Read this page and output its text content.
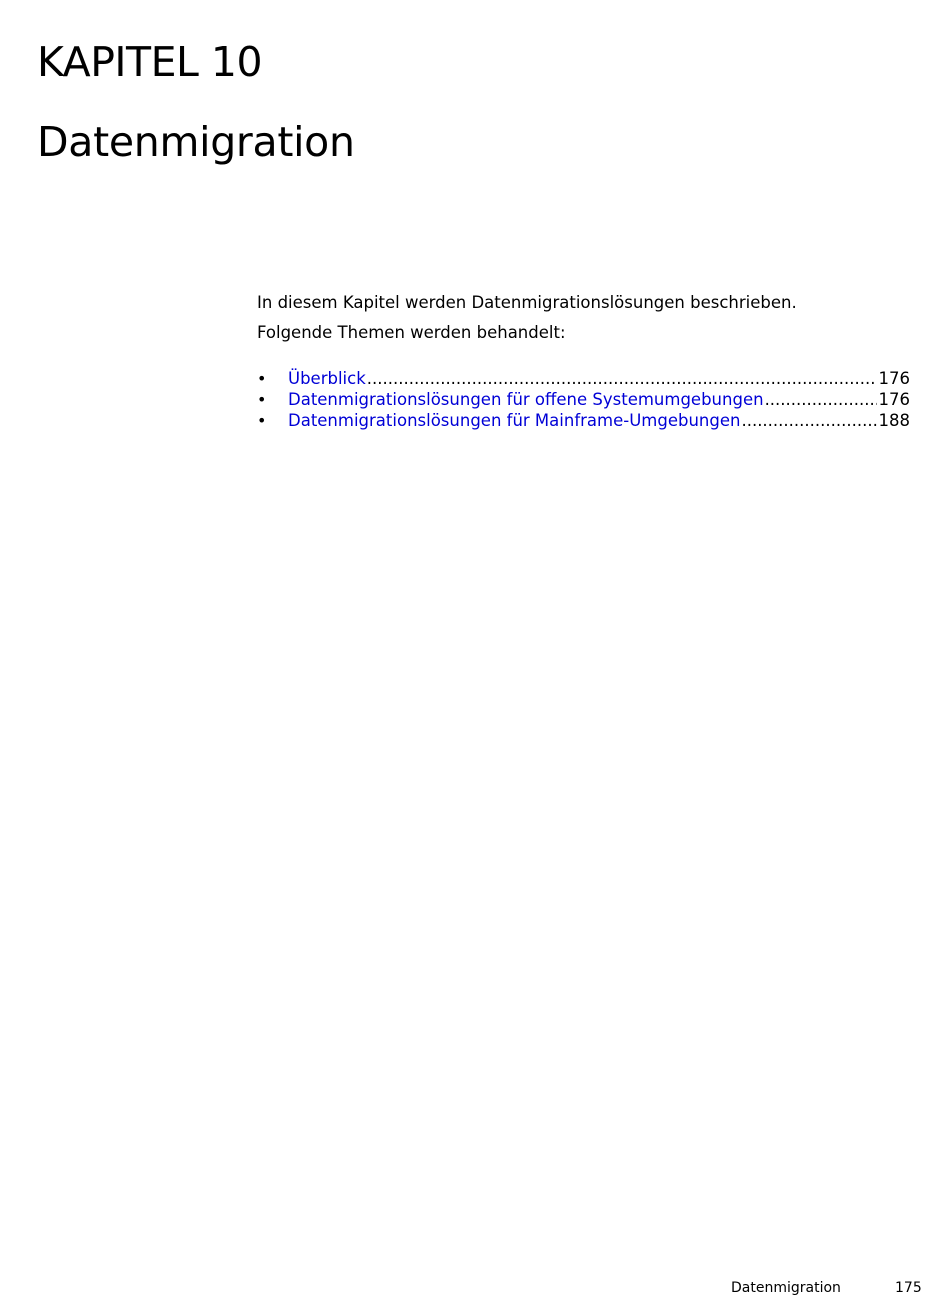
KAPITEL 10
Datenmigration

In diesem Kapitel werden Datenmigrationslösungen beschrieben.

Folgende Themen werden behandelt:

•	Überblick .....	176
•	Datenmigrationslösungen für offene Systemumgebungen .....	176
•	Datenmigrationslösungen für Mainframe-Umgebungen .....	188
Datenmigration	175
